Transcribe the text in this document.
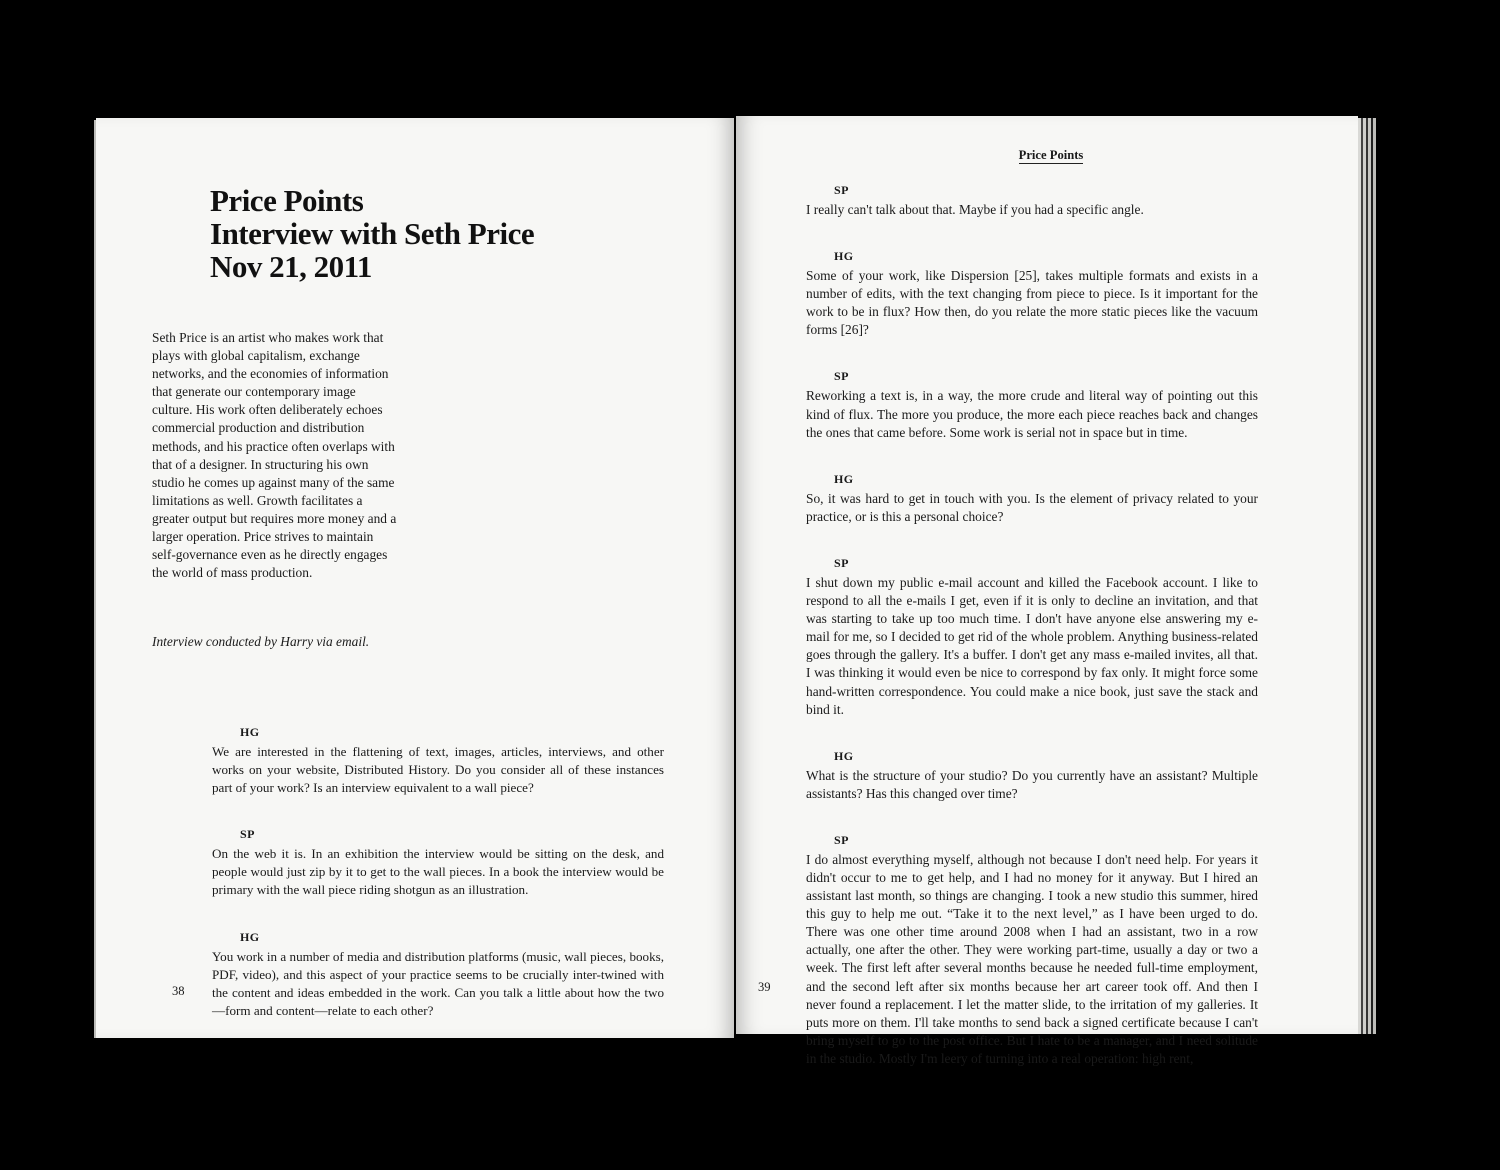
Price Points
Interview with Seth Price
Nov 21, 2011

Seth Price is an artist who makes work that plays with global capitalism, exchange networks, and the economies of information that generate our contemporary image culture. His work often deliberately echoes commercial production and distribution methods, and his practice often overlaps with that of a designer. In structuring his own studio he comes up against many of the same limitations as well. Growth facilitates a greater output but requires more money and a larger operation. Price strives to maintain self-governance even as he directly engages the world of mass production.

Interview conducted by Harry via email.

HG
We are interested in the flattening of text, images, articles, interviews, and other works on your website, Distributed History. Do you consider all of these instances part of your work? Is an interview equivalent to a wall piece?
SP
On the web it is. In an exhibition the interview would be sitting on the desk, and people would just zip by it to get to the wall pieces. In a book the interview would be primary with the wall piece riding shotgun as an illustration.
HG
You work in a number of media and distribution platforms (music, wall pieces, books, PDF, video), and this aspect of your practice seems to be crucially inter-twined with the content and ideas embedded in the work. Can you talk a little about how the two—form and content—relate to each other?
38
Price Points
SP
I really can't talk about that. Maybe if you had a specific angle.
HG
Some of your work, like Dispersion [25], takes multiple formats and exists in a number of edits, with the text changing from piece to piece. Is it important for the work to be in flux? How then, do you relate the more static pieces like the vacuum forms [26]?
SP
Reworking a text is, in a way, the more crude and literal way of pointing out this kind of flux. The more you produce, the more each piece reaches back and changes the ones that came before. Some work is serial not in space but in time.
HG
So, it was hard to get in touch with you. Is the element of privacy related to your practice, or is this a personal choice?
SP
I shut down my public e-mail account and killed the Facebook account. I like to respond to all the e-mails I get, even if it is only to decline an invitation, and that was starting to take up too much time. I don't have anyone else answering my e-mail for me, so I decided to get rid of the whole problem. Anything business-related goes through the gallery. It's a buffer. I don't get any mass e-mailed invites, all that. I was thinking it would even be nice to correspond by fax only. It might force some hand-written correspondence. You could make a nice book, just save the stack and bind it.
HG
What is the structure of your studio? Do you currently have an assistant? Multiple assistants? Has this changed over time?
SP
I do almost everything myself, although not because I don't need help. For years it didn't occur to me to get help, and I had no money for it anyway. But I hired an assistant last month, so things are changing. I took a new studio this summer, hired this guy to help me out. “Take it to the next level,” as I have been urged to do. There was one other time around 2008 when I had an assistant, two in a row actually, one after the other. They were working part-time, usually a day or two a week. The first left after several months because he needed full-time employment, and the second left after six months because her art career took off. And then I never found a replacement. I let the matter slide, to the irritation of my galleries. It puts more on them. I'll take months to send back a signed certificate because I can't bring myself to go to the post office. But I hate to be a manager, and I need solitude in the studio. Mostly I'm leery of turning into a real operation: high rent,
39
